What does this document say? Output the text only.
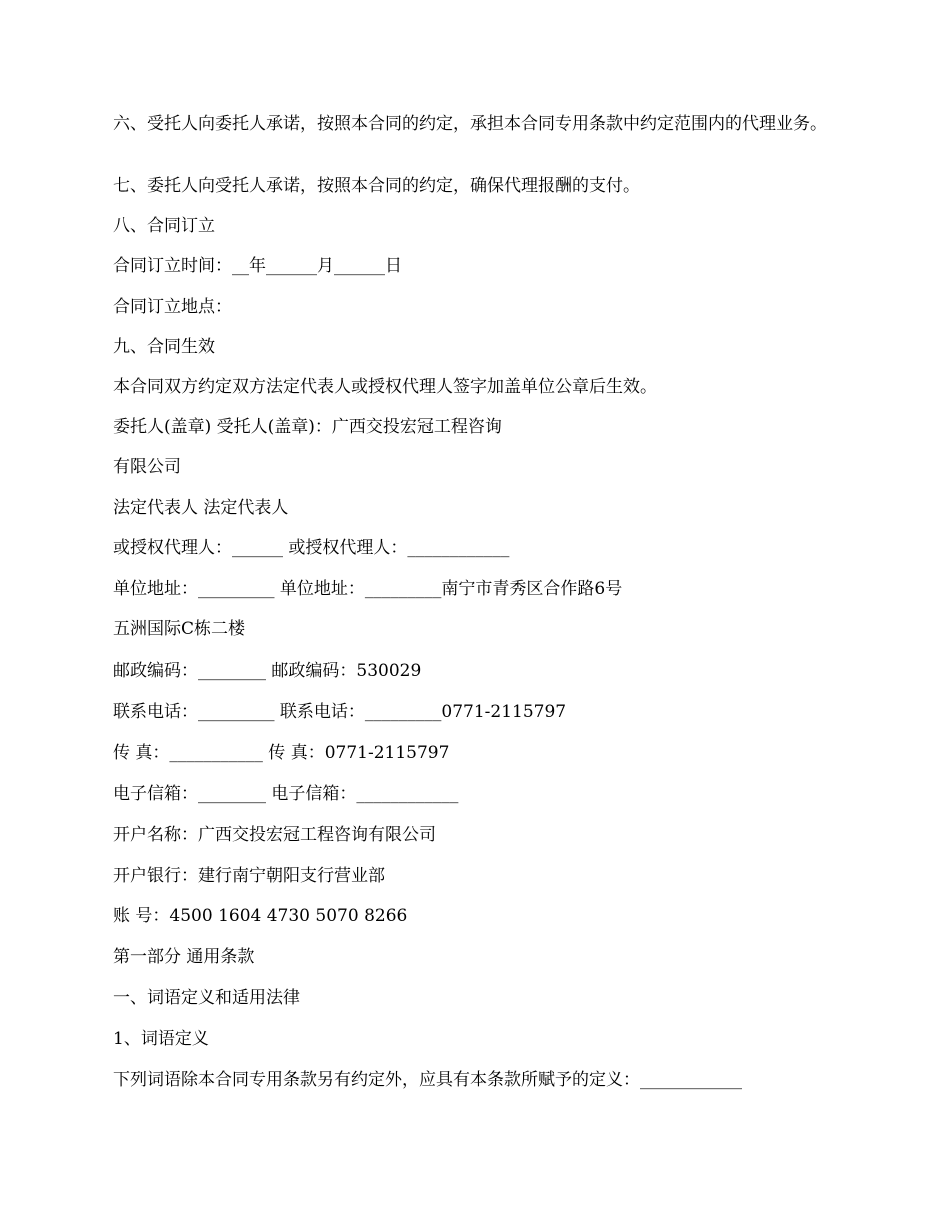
六、受托人向委托人承诺，按照本合同的约定，承担本合同专用条款中约定范围内的代理业务。

七、委托人向受托人承诺，按照本合同的约定，确保代理报酬的支付。

八、合同订立

合同订立时间：__年______月______日

合同订立地点：

九、合同生效

本合同双方约定双方法定代表人或授权代理人签字加盖单位公章后生效。

委托人(盖章) 受托人(盖章)：广西交投宏冠工程咨询

有限公司

法定代表人 法定代表人

或授权代理人：______ 或授权代理人：____________

单位地址：_________ 单位地址：_________南宁市青秀区合作路6号

五洲国际C栋二楼

邮政编码：________ 邮政编码：530029

联系电话：_________ 联系电话：_________0771-2115797

传 真：___________ 传 真：0771-2115797

电子信箱：________ 电子信箱：____________

开户名称：广西交投宏冠工程咨询有限公司

开户银行：建行南宁朝阳支行营业部

账 号：4500 1604 4730 5070 8266

第一部分 通用条款

一、词语定义和适用法律

1、词语定义

下列词语除本合同专用条款另有约定外，应具有本条款所赋予的定义：____________
